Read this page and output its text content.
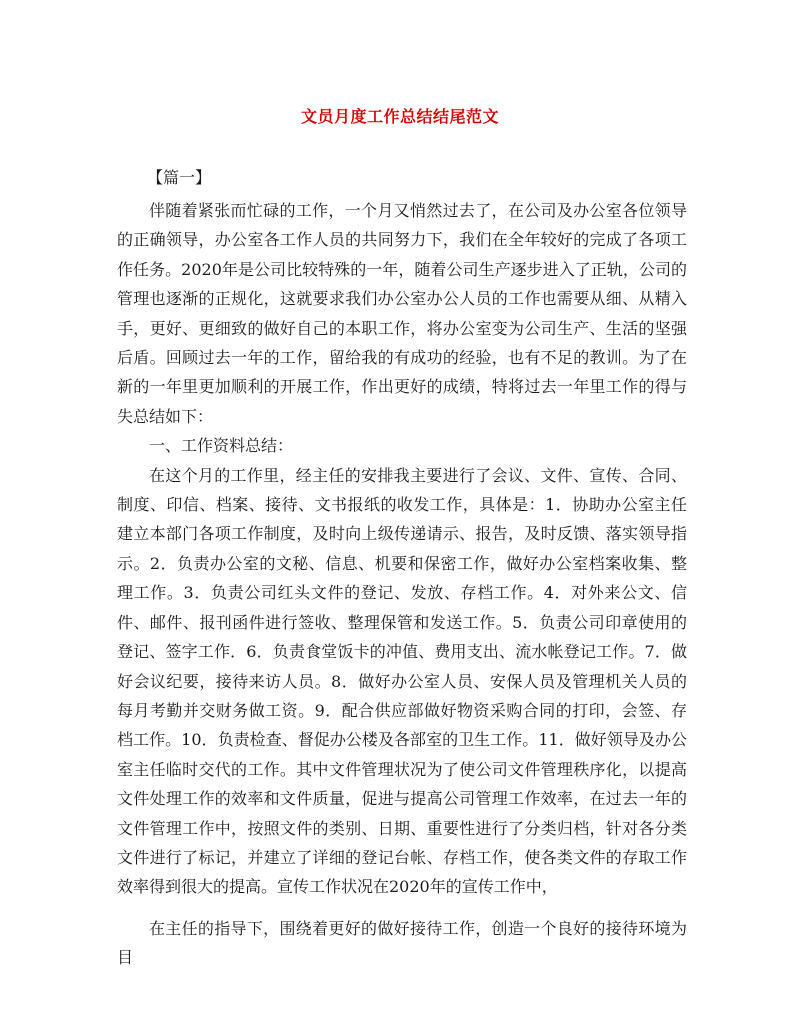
文员月度工作总结结尾范文

【篇一】

伴随着紧张而忙碌的工作，一个月又悄然过去了，在公司及办公室各位领导的正确领导，办公室各工作人员的共同努力下，我们在全年较好的完成了各项工作任务。2020年是公司比较特殊的一年，随着公司生产逐步进入了正轨，公司的管理也逐渐的正规化，这就要求我们办公室办公人员的工作也需要从细、从精入手，更好、更细致的做好自己的本职工作，将办公室变为公司生产、生活的坚强后盾。回顾过去一年的工作，留给我的有成功的经验，也有不足的教训。为了在新的一年里更加顺利的开展工作，作出更好的成绩，特将过去一年里工作的得与失总结如下：

一、工作资料总结：

在这个月的工作里，经主任的安排我主要进行了会议、文件、宣传、合同、制度、印信、档案、接待、文书报纸的收发工作，具体是：1．协助办公室主任建立本部门各项工作制度，及时向上级传递请示、报告，及时反馈、落实领导指示。2．负责办公室的文秘、信息、机要和保密工作，做好办公室档案收集、整理工作。3．负责公司红头文件的登记、发放、存档工作。4．对外来公文、信件、邮件、报刊函件进行签收、整理保管和发送工作。5．负责公司印章使用的登记、签字工作．6．负责食堂饭卡的冲值、费用支出、流水帐登记工作。7．做好会议纪要，接待来访人员。8．做好办公室人员、安保人员及管理机关人员的每月考勤并交财务做工资。9．配合供应部做好物资采购合同的打印，会签、存档工作。10．负责检查、督促办公楼及各部室的卫生工作。11．做好领导及办公室主任临时交代的工作。其中文件管理状况为了使公司文件管理秩序化，以提高文件处理工作的效率和文件质量，促进与提高公司管理工作效率，在过去一年的文件管理工作中，按照文件的类别、日期、重要性进行了分类归档，针对各分类文件进行了标记，并建立了详细的登记台帐、存档工作，使各类文件的存取工作效率得到很大的提高。宣传工作状况在2020年的宣传工作中，

在主任的指导下，围绕着更好的做好接待工作，创造一个良好的接待环境为目
